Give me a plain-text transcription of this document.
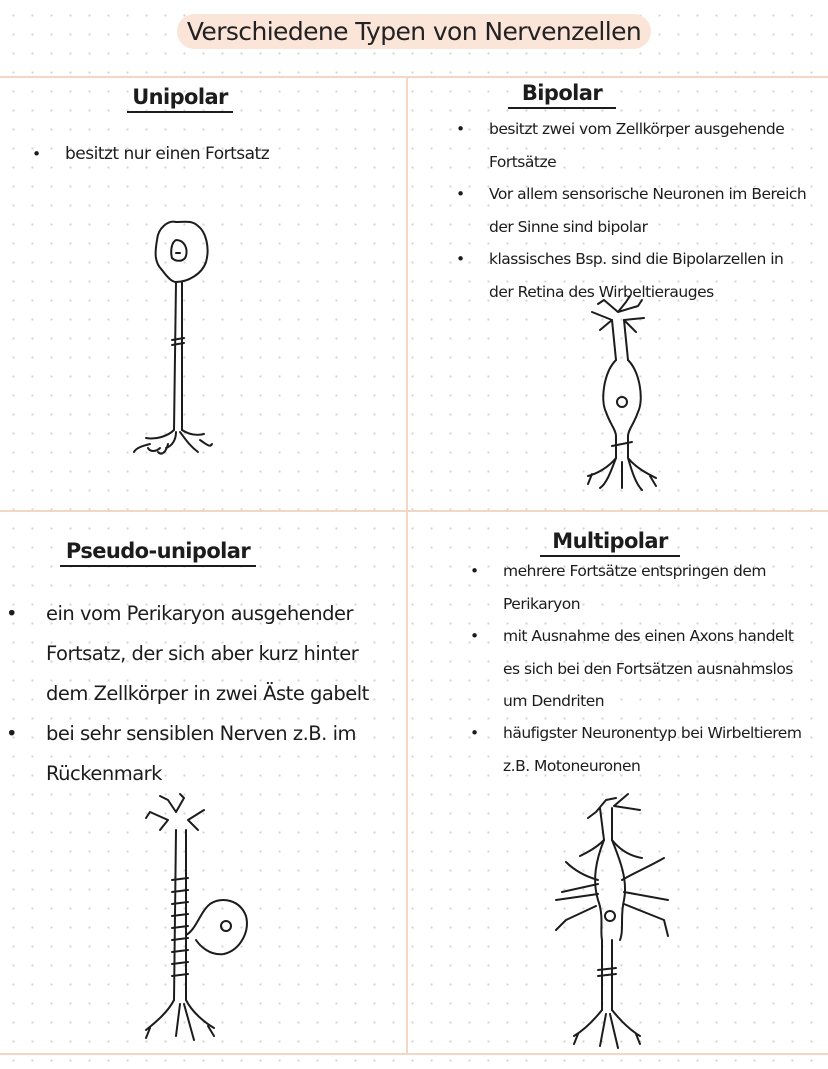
Verschiedene Typen von Nervenzellen
Unipolar
• besitzt nur einen Fortsatz
Bipolar
• besitzt zwei vom Zellkörper ausgehende Fortsätze
• Vor allem sensorische Neuronen im Bereich der Sinne sind bipolar
• klassisches Bsp. sind die Bipolarzellen in der Retina des Wirbeltierauges
Pseudo-unipolar
• ein vom Perikaryon ausgehender Fortsatz, der sich aber kurz hinter dem Zellkörper in zwei Äste gabelt
• bei sehr sensiblen Nerven z.B. im Rückenmark
Multipolar
• mehrere Fortsätze entspringen dem Perikaryon
• mit Ausnahme des einen Axons handelt es sich bei den Fortsätzen ausnahmslos um Dendriten
• häufigster Neuronentyp bei Wirbeltierem z.B. Motoneuronen
